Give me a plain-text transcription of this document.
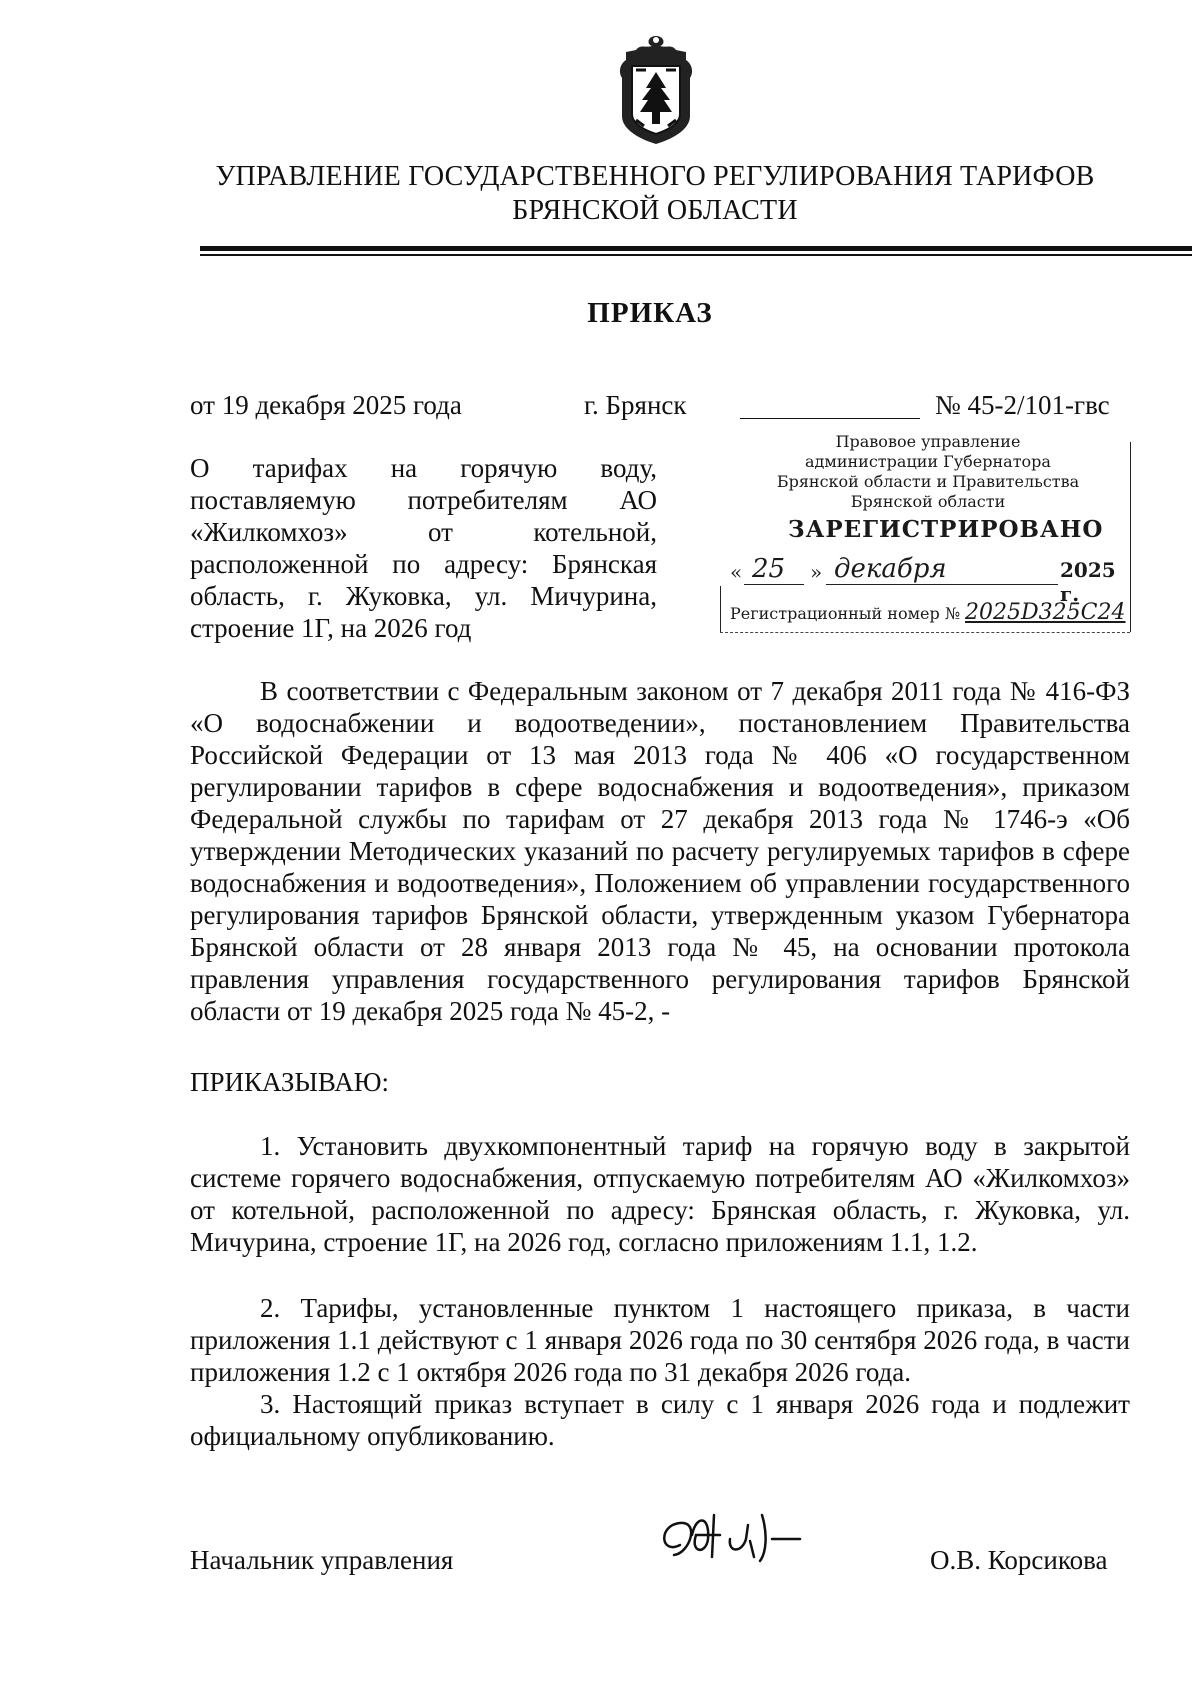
УПРАВЛЕНИЕ ГОСУДАРСТВЕННОГО РЕГУЛИРОВАНИЯ ТАРИФОВ
БРЯНСКОЙ ОБЛАСТИ
ПРИКАЗ
от 19 декабря 2025 года	г. Брянск	№ 45-2/101-гвс
О тарифах на горячую воду, поставляемую потребителям АО «Жилкомхоз» от котельной, расположенной по адресу: Брянская область, г. Жуковка, ул. Мичурина, строение 1Г, на 2026 год
Правовое управление
администрации Губернатора
Брянской области и Правительства
Брянской области
ЗАРЕГИСТРИРОВАНО
« 25 » декабря	2025 г.
Регистрационный номер № 2025D325C24
В соответствии с Федеральным законом от 7 декабря 2011 года № 416-ФЗ «О водоснабжении и водоотведении», постановлением Правительства Российской Федерации от 13 мая 2013 года № 406 «О государственном регулировании тарифов в сфере водоснабжения и водоотведения», приказом Федеральной службы по тарифам от 27 декабря 2013 года № 1746-э «Об утверждении Методических указаний по расчету регулируемых тарифов в сфере водоснабжения и водоотведения», Положением об управлении государственного регулирования тарифов Брянской области, утвержденным указом Губернатора Брянской области от 28 января 2013 года № 45, на основании протокола правления управления государственного регулирования тарифов Брянской области от 19 декабря 2025 года № 45-2, -
ПРИКАЗЫВАЮ:
1. Установить двухкомпонентный тариф на горячую воду в закрытой системе горячего водоснабжения, отпускаемую потребителям АО «Жилкомхоз» от котельной, расположенной по адресу: Брянская область, г. Жуковка, ул. Мичурина, строение 1Г, на 2026 год, согласно приложениям 1.1, 1.2.
2. Тарифы, установленные пунктом 1 настоящего приказа, в части приложения 1.1 действуют с 1 января 2026 года по 30 сентября 2026 года, в части приложения 1.2 с 1 октября 2026 года по 31 декабря 2026 года.
3. Настоящий приказ вступает в силу с 1 января 2026 года и подлежит официальному опубликованию.
Начальник управления	О.В. Корсикова
